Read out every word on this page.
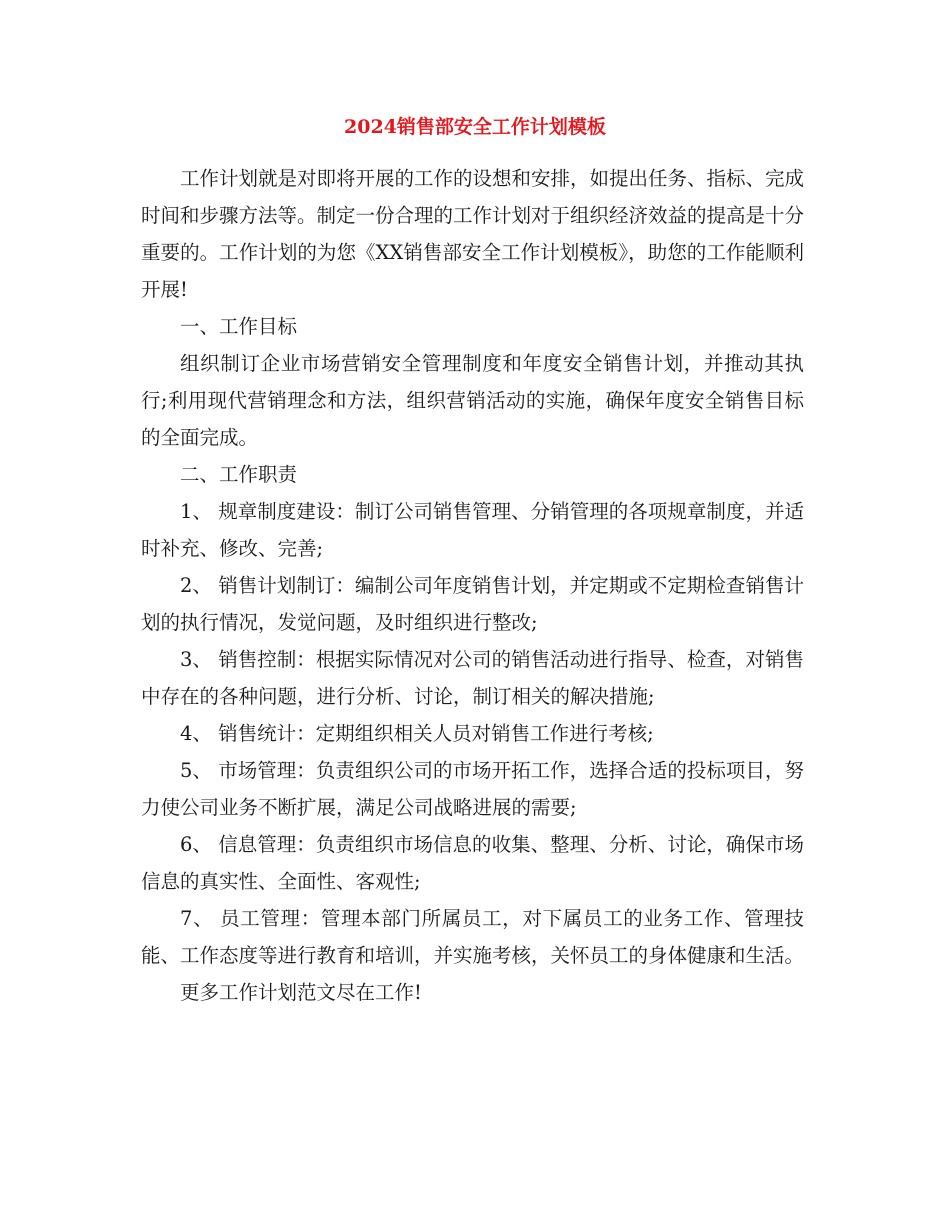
2024销售部安全工作计划模板

工作计划就是对即将开展的工作的设想和安排，如提出任务、指标、完成时间和步骤方法等。制定一份合理的工作计划对于组织经济效益的提高是十分重要的。工作计划的为您《XX销售部安全工作计划模板》，助您的工作能顺利开展!

一、工作目标

组织制订企业市场营销安全管理制度和年度安全销售计划，并推动其执行;利用现代营销理念和方法，组织营销活动的实施，确保年度安全销售目标的全面完成。

二、工作职责

1、 规章制度建设：制订公司销售管理、分销管理的各项规章制度，并适时补充、修改、完善;

2、 销售计划制订：编制公司年度销售计划，并定期或不定期检查销售计划的执行情况，发觉问题，及时组织进行整改;

3、 销售控制：根据实际情况对公司的销售活动进行指导、检查，对销售中存在的各种问题，进行分析、讨论，制订相关的解决措施;

4、 销售统计：定期组织相关人员对销售工作进行考核;

5、 市场管理：负责组织公司的市场开拓工作，选择合适的投标项目，努力使公司业务不断扩展，满足公司战略进展的需要;

6、 信息管理：负责组织市场信息的收集、整理、分析、讨论，确保市场信息的真实性、全面性、客观性;

7、 员工管理：管理本部门所属员工，对下属员工的业务工作、管理技能、工作态度等进行教育和培训，并实施考核，关怀员工的身体健康和生活。

更多工作计划范文尽在工作!
